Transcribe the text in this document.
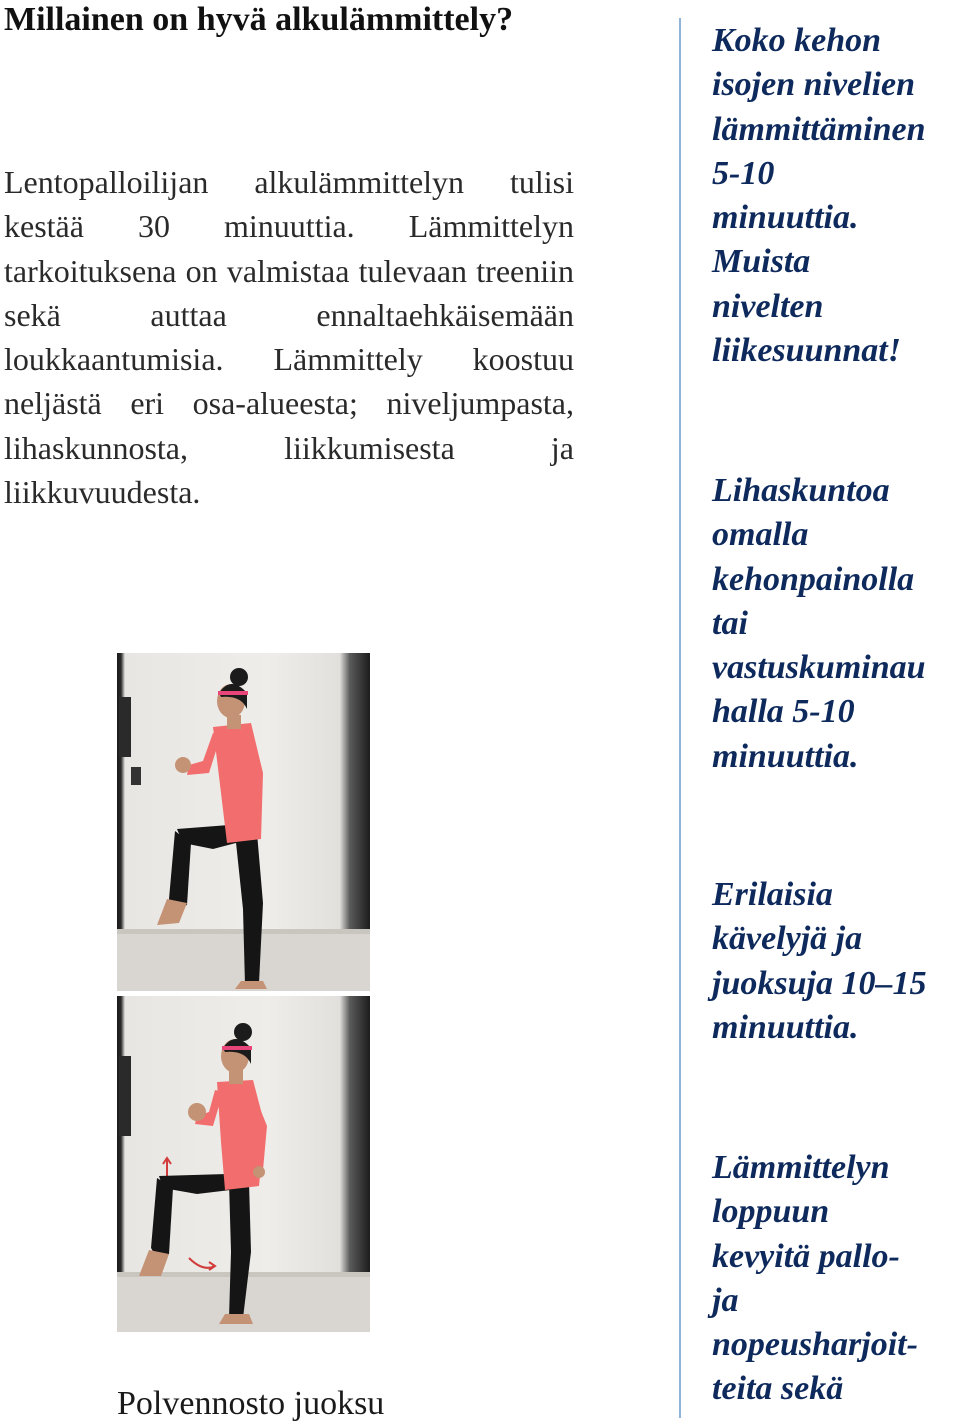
Millainen on hyvä alkulämmittely?
Lentopalloilijan alkulämmittelyn tulisi kestää 30 minuuttia. Lämmittelyn tarkoituksena on valmistaa tulevaan treeniin sekä auttaa ennaltaehkäisemään loukkaantumisia. Lämmittely koostuu neljästä eri osa-alueesta; niveljumpasta, lihaskunnosta, liikkumisesta ja liikkuvuudesta.
Polvennosto juoksu
Koko kehon
isojen nivelien
lämmittäminen
5-10
minuuttia.
Muista
nivelten
liikesuunnat!
Lihaskuntoa
omalla
kehonpainolla
tai
vastuskuminau
halla 5-10
minuuttia.
Erilaisia
kävelyjä ja
juoksuja 10–15
minuuttia.
Lämmittelyn
loppuun
kevyitä pallo-
ja
nopeusharjoit-
teita sekä
